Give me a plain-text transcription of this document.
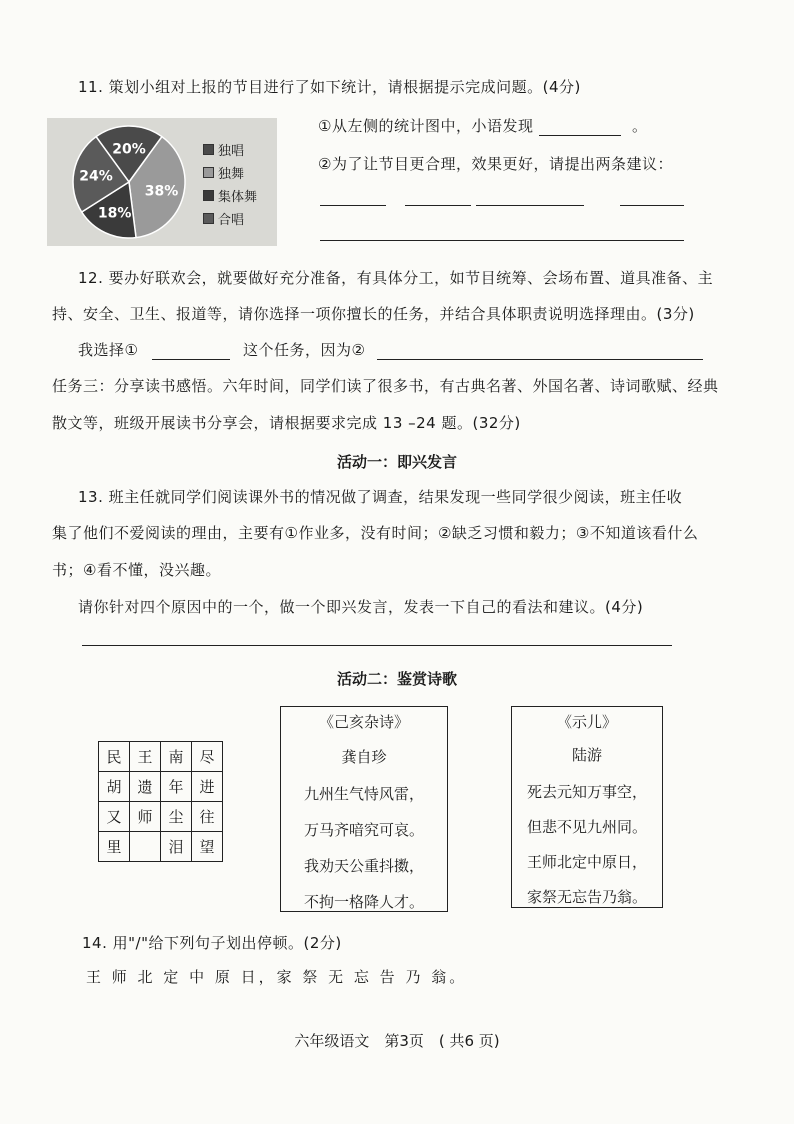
11. 策划小组对上报的节目进行了如下统计，请根据提示完成问题。(4分)
20%
38%
18%
24%
独唱
独舞
集体舞
合唱
①从左侧的统计图中，小语发现	。
②为了让节目更合理，效果更好，请提出两条建议：
12. 要办好联欢会，就要做好充分准备，有具体分工，如节目统筹、会场布置、道具准备、主
持、安全、卫生、报道等，请你选择一项你擅长的任务，并结合具体职责说明选择理由。(3分)
我选择①	这个任务，因为②
任务三：分享读书感悟。六年时间，同学们读了很多书，有古典名著、外国名著、诗词歌赋、经典
散文等，班级开展读书分享会，请根据要求完成 13 –24 题。(32分)
活动一：即兴发言
13. 班主任就同学们阅读课外书的情况做了调查，结果发现一些同学很少阅读，班主任收
集了他们不爱阅读的理由，主要有①作业多，没有时间；②缺乏习惯和毅力；③不知道该看什么
书；④看不懂，没兴趣。
请你针对四个原因中的一个，做一个即兴发言，发表一下自己的看法和建议。(4分)
活动二：鉴赏诗歌
民	王	南	尽
胡	遗	年	进
又	师	尘	往
里		泪	望
《己亥杂诗》
龚自珍
九州生气恃风雷，
万马齐喑究可哀。
我劝天公重抖擞，
不拘一格降人才。
《示儿》
陆游
死去元知万事空，
但悲不见九州同。
王师北定中原日，
家祭无忘告乃翁。
14. 用"/"给下列句子划出停顿。(2分)
王 师 北 定 中 原 日，家 祭 无 忘 告 乃 翁。
六年级语文　第3页　( 共6 页)
